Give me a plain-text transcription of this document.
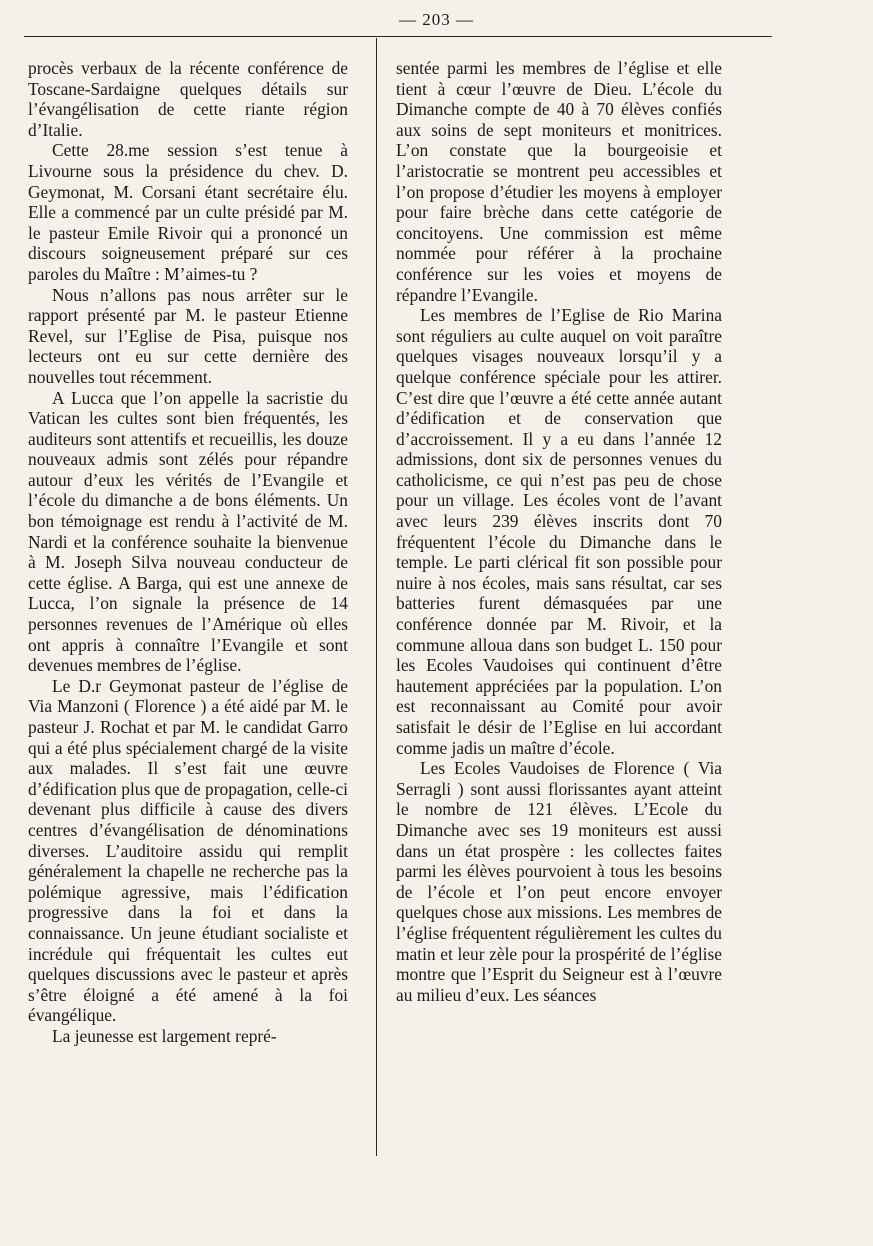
— 203 —

procès verbaux de la récente conférence de Toscane-Sardaigne quelques détails sur l’évangélisation de cette riante région d’Italie.

Cette 28.me session s’est tenue à Livourne sous la présidence du chev. D. Geymonat, M. Corsani étant secrétaire élu. Elle a commencé par un culte présidé par M. le pasteur Emile Rivoir qui a prononcé un discours soigneusement préparé sur ces paroles du Maître : M’aimes-tu ?

Nous n’allons pas nous arrêter sur le rapport présenté par M. le pasteur Etienne Revel, sur l’Eglise de Pisa, puisque nos lecteurs ont eu sur cette dernière des nouvelles tout récemment.

A Lucca que l’on appelle la sacristie du Vatican les cultes sont bien fréquentés, les auditeurs sont attentifs et recueillis, les douze nouveaux admis sont zélés pour répandre autour d’eux les vérités de l’Evangile et l’école du dimanche a de bons éléments. Un bon témoignage est rendu à l’activité de M. Nardi et la conférence souhaite la bienvenue à M. Joseph Silva nouveau conducteur de cette église. A Barga, qui est une annexe de Lucca, l’on signale la présence de 14 personnes revenues de l’Amérique où elles ont appris à connaître l’Evangile et sont devenues membres de l’église.

Le D.r Geymonat pasteur de l’église de Via Manzoni ( Florence ) a été aidé par M. le pasteur J. Rochat et par M. le candidat Garro qui a été plus spécialement chargé de la visite aux malades. Il s’est fait une œuvre d’édification plus que de propagation, celle-ci devenant plus difficile à cause des divers centres d’évangélisation de dénominations diverses. L’auditoire assidu qui remplit généralement la chapelle ne recherche pas la polémique agressive, mais l’édification progressive dans la foi et dans la connaissance. Un jeune étudiant socialiste et incrédule qui fréquentait les cultes eut quelques discussions avec le pasteur et après s’être éloigné a été amené à la foi évangélique.

La jeunesse est largement repré-

sentée parmi les membres de l’église et elle tient à cœur l’œuvre de Dieu. L’école du Dimanche compte de 40 à 70 élèves confiés aux soins de sept moniteurs et monitrices. L’on constate que la bourgeoisie et l’aristocratie se montrent peu accessibles et l’on propose d’étudier les moyens à employer pour faire brèche dans cette catégorie de concitoyens. Une commission est même nommée pour référer à la prochaine conférence sur les voies et moyens de répandre l’Evangile.

Les membres de l’Eglise de Rio Marina sont réguliers au culte auquel on voit paraître quelques visages nouveaux lorsqu’il y a quelque conférence spéciale pour les attirer. C’est dire que l’œuvre a été cette année autant d’édification et de conservation que d’accroissement. Il y a eu dans l’année 12 admissions, dont six de personnes venues du catholicisme, ce qui n’est pas peu de chose pour un village. Les écoles vont de l’avant avec leurs 239 élèves inscrits dont 70 fréquentent l’école du Dimanche dans le temple. Le parti clérical fit son possible pour nuire à nos écoles, mais sans résultat, car ses batteries furent démasquées par une conférence donnée par M. Rivoir, et la commune alloua dans son budget L. 150 pour les Ecoles Vaudoises qui continuent d’être hautement appréciées par la population. L’on est reconnaissant au Comité pour avoir satisfait le désir de l’Eglise en lui accordant comme jadis un maître d’école.

Les Ecoles Vaudoises de Florence ( Via Serragli ) sont aussi florissantes ayant atteint le nombre de 121 élèves. L’Ecole du Dimanche avec ses 19 moniteurs est aussi dans un état prospère : les collectes faites parmi les élèves pourvoient à tous les besoins de l’école et l’on peut encore envoyer quelques chose aux missions. Les membres de l’église fréquentent régulièrement les cultes du matin et leur zèle pour la prospérité de l’église montre que l’Esprit du Seigneur est à l’œuvre au milieu d’eux. Les séances
